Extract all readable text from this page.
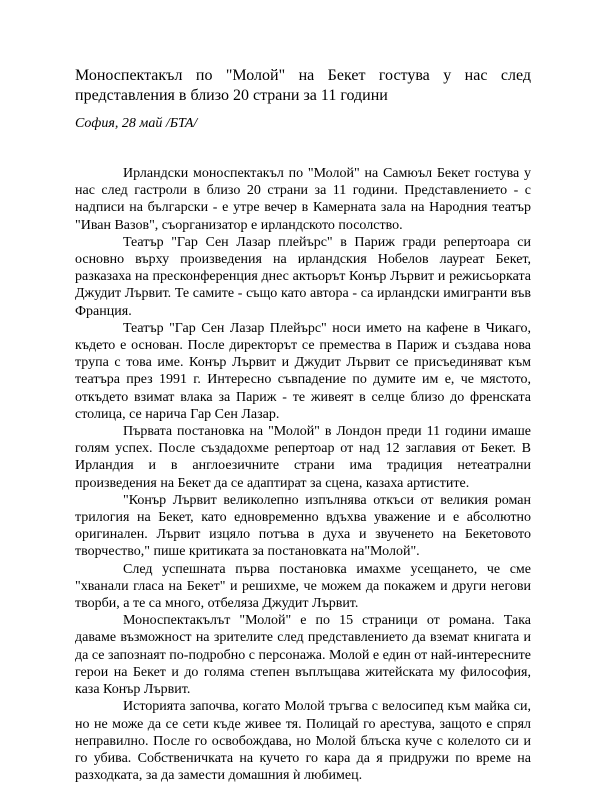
Моноспектакъл по "Молой" на Бекет гостува у нас след представления в близо 20 страни за 11 години

София, 28 май /БТА/

Ирландски моноспектакъл по "Молой" на Самюъл Бекет гостува у нас след гастроли в близо 20 страни за 11 години. Представлението - с надписи на български - е утре вечер в Камерната зала на Народния театър "Иван Вазов", съорганизатор е ирландското посолство.

Театър "Гар Сен Лазар плейърс" в Париж гради репертоара си основно върху произведения на ирландския Нобелов лауреат Бекет, разказаха на пресконференция днес актьорът Конър Лървит и режисьорката Джудит Лървит. Те самите - също като автора - са ирландски имигранти във Франция.

Театър "Гар Сен Лазар Плейърс" носи името на кафене в Чикаго, където е основан. После директорът се премества в Париж и създава нова трупа с това име. Конър Лървит и Джудит Лървит се присъединяват към театъра през 1991 г. Интересно съвпадение по думите им е, че мястото, откъдето взимат влака за Париж - те живеят в селце близо до френската столица, се нарича Гар Сен Лазар.

Първата постановка на "Молой" в Лондон преди 11 години имаше голям успех. После създадохме репертоар от над 12 заглавия от Бекет. В Ирландия и в англоезичните страни има традиция нетеатрални произведения на Бекет да се адаптират за сцена, казаха артистите.

"Конър Лървит великолепно изпълнява откъси от великия роман трилогия на Бекет, като едновременно вдъхва уважение и е абсолютно оригинален. Лървит изцяло потъва в духа и звученето на Бекетовото творчество," пише критиката за постановката на"Молой".

След успешната първа постановка имахме усещането, че сме "хванали гласа на Бекет" и решихме, че можем да покажем и други негови творби, а те са много, отбеляза Джудит Лървит.

Моноспектакълът "Молой" е по 15 страници от романа. Така даваме възможност на зрителите след представлението да вземат книгата и да се запознаят по-подробно с персонажа. Молой е един от най-интересните герои на Бекет и до голяма степен въплъщава житейската му философия, каза Конър Лървит.

Историята започва, когато Молой тръгва с велосипед към майка си, но не може да се сети къде живее тя. Полицай го арестува, защото е спрял неправилно. После го освобождава, но Молой блъска куче с колелото си и го убива. Собственичката на кучето го кара да я придружи по време на разходката, за да замести домашния ѝ любимец.
